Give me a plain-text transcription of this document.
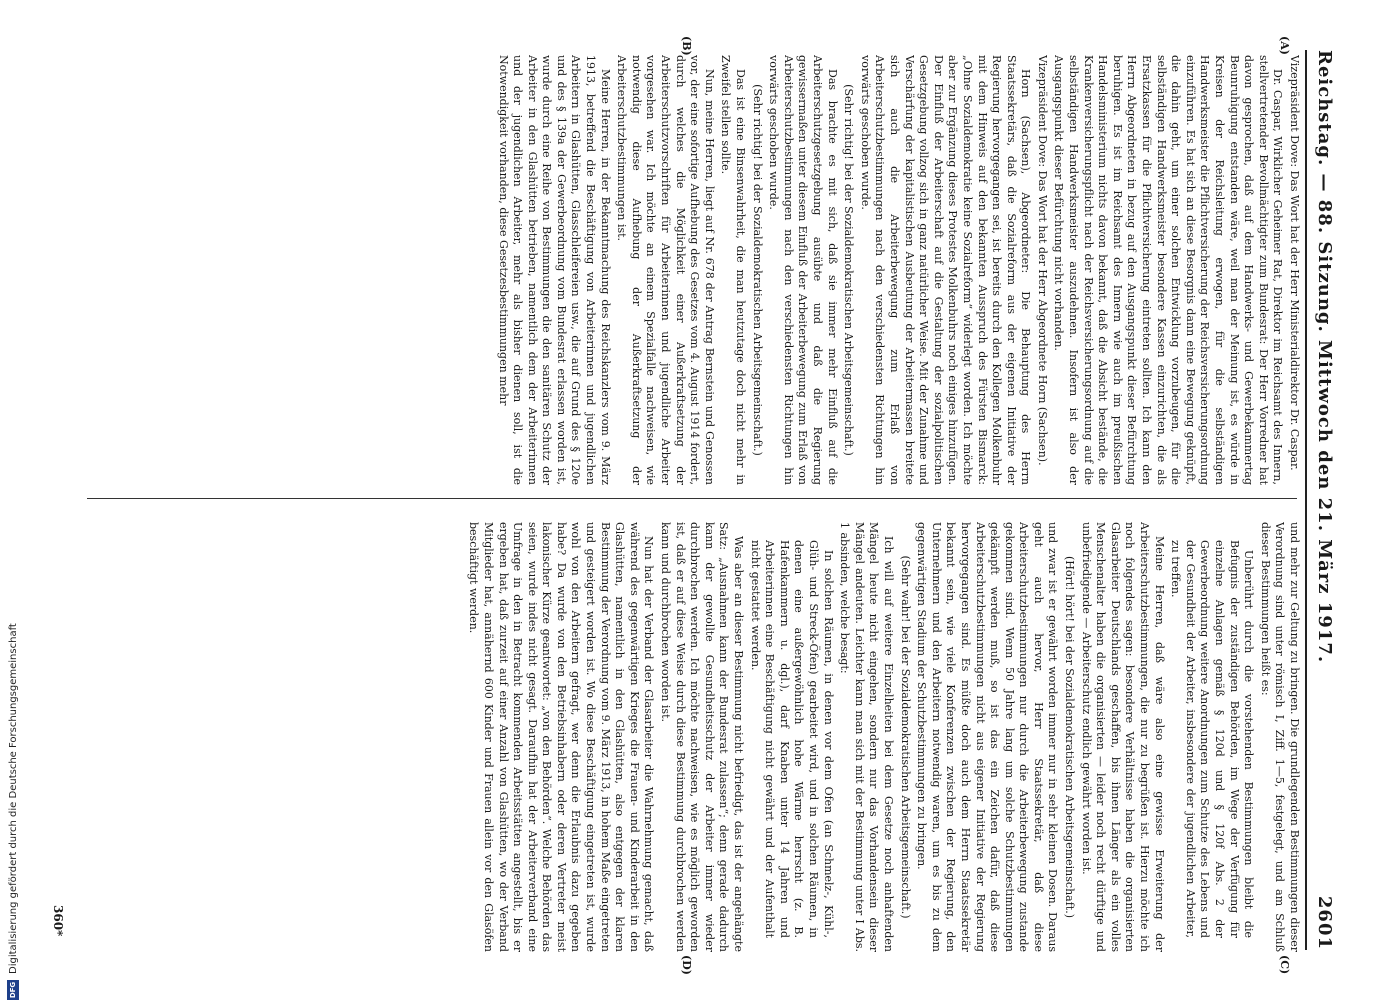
Reichstag. — 88. Sitzung. Mittwoch den 21. März 1917.
2601
(A)
(B)
(C)
(D)

Vizepräsident Dove: Das Wort hat der Herr Ministerialdirektor Dr. Caspar.

Dr. Caspar, Wirklicher Geheimer Rat, Direktor im Reichsamt des Innern, stellvertretender Bevollmächtigter zum Bundesrat: Der Herr Vorredner hat davon gesprochen, daß auf dem Handwerks- und Gewerbekammertag Beunruhigung entstanden wäre, weil man der Meinung ist, es würde in Kreisen der Reichsleitung erwogen, für die selbständigen Handwerksmeister die Pflichtversicherung der Reichsversicherungsordnung einzuführen. Es hat sich an diese Besorgnis dann eine Bewegung geknüpft, die dahin geht, um einer solchen Entwicklung vorzubeugen, für die selbständigen Handwerksmeister besondere Kassen einzurichten, die als Ersatzkassen für die Pflichtversicherung eintreten sollten. Ich kann den Herrn Abgeordneten in bezug auf den Ausgangspunkt dieser Befürchtung beruhigen. Es ist im Reichsamt des Innern wie auch im preußischen Handelsministerium nichts davon bekannt, daß die Absicht bestände, die Krankenversicherungspflicht nach der Reichsversicherungsordnung auf die selbständigen Handwerksmeister auszudehnen. Insofern ist also der Ausgangspunkt dieser Befürchtung nicht vorhanden.

Vizepräsident Dove: Das Wort hat der Herr Abgeordnete Horn (Sachsen).

Horn (Sachsen), Abgeordneter: Die Behauptung des Herrn Staatssekretärs, daß die Sozialreform aus der eigenen Initiative der Regierung hervorgegangen sei, ist bereits durch den Kollegen Molkenbuhr mit dem Hinweis auf den bekannten Ausspruch des Fürsten Bismarck: „Ohne Sozialdemokratie keine Sozialreform“ widerlegt worden. Ich möchte aber zur Ergänzung dieses Protestes Molkenbuhrs noch einiges hinzufügen. Der Einfluß der Arbeiterschaft auf die Gestaltung der sozialpolitischen Gesetzgebung vollzog sich in ganz natürlicher Weise. Mit der Zunahme und Verschärfung der kapitalistischen Ausbeutung der Arbeitermassen breitete sich auch die Arbeiterbewegung zum Erlaß von Arbeiterschutzbestimmungen nach den verschiedensten Richtungen hin vorwärts geschoben wurde.

(Sehr richtig! bei der Sozialdemokratischen Arbeitsgemeinschaft.)

Das brachte es mit sich, daß sie immer mehr Einfluß auf die Arbeiterschutzgesetzgebung ausübte und daß die Regierung gewissermaßen unter diesem Einfluß der Arbeiterbewegung zum Erlaß von Arbeiterschutzbestimmungen nach den verschiedensten Richtungen hin vorwärts geschoben wurde.

(Sehr richtig! bei der Sozialdemokratischen Arbeitsgemeinschaft.)

Das ist eine Binsenwahrheit, die man heutzutage doch nicht mehr in Zweifel stellen sollte.

Nun, meine Herren, liegt auf Nr. 678 der Antrag Bernstein und Genossen vor, der eine sofortige Aufhebung des Gesetzes vom 4. August 1914 fordert, durch welches die Möglichkeit einer Außerkraftsetzung der Arbeiterschutzvorschriften für Arbeiterinnen und jugendliche Arbeiter vorgesehen war. Ich möchte an einem Spezialfalle nachweisen, wie notwendig diese Aufhebung der Außerkraftsetzung der Arbeiterschutzbestimmungen ist.

Meine Herren, in der Bekanntmachung des Reichskanzlers vom 9. März 1913, betreffend die Beschäftigung von Arbeiterinnen und jugendlichen Arbeitern in Glashütten, Glasschleifereien usw., die auf Grund des § 120e und des § 139a der Gewerbeordnung vom Bundesrat erlassen worden ist, wurde durch eine Reihe von Bestimmungen die den sanitären Schutz der Arbeiter in den Glashütten betrieben, namentlich dem der Arbeiterinnen und der jugendlichen Arbeiter, mehr als bisher dienen soll, ist die Notwendigkeit vorhanden, diese Gesetzesbestimmungen mehr

und mehr zur Geltung zu bringen. Die grundlegenden Bestimmungen dieser Verordnung sind unter römisch I, Ziff. 1—5, festgelegt, und am Schluß dieser Bestimmungen heißt es:

Unberührt durch die vorstehenden Bestimmungen bleibt die Befugnis der zuständigen Behörden, im Wege der Verfügung für einzelne Anlagen gemäß § 120d und § 120f Abs. 2 der Gewerbeordnung weitere Anordnungen zum Schutze des Lebens und der Gesundheit der Arbeiter, insbesondere der jugendlichen Arbeiter, zu treffen.

Meine Herren, daß wäre also eine gewisse Erweiterung der Arbeiterschutzbestimmungen, die nur zu begrüßen ist. Hierzu möchte ich noch folgendes sagen: besondere Verhältnisse haben die organisierten Glasarbeiter Deutschlands geschaffen, bis ihnen Länger als ein volles Menschenalter haben die organisierten — leider noch recht dürftige und unbefriedigende — Arbeiterschutz endlich gewährt worden ist.

(Hört! hört! bei der Sozialdemokratischen Arbeitsgemeinschaft.)

und zwar ist er gewährt worden immer nur in sehr kleinen Dosen. Daraus geht auch hervor, Herr Staatssekretär, daß diese Arbeiterschutzbestimmungen nur durch die Arbeiterbewegung zustande gekommen sind. Wenn 50 Jahre lang um solche Schutzbestimmungen gekämpft werden muß, so ist das ein Zeichen dafür, daß diese Arbeiterschutzbestimmungen nicht aus eigener Initiative der Regierung hervorgegangen sind. Es müßte doch auch dem Herrn Staatssekretär bekannt sein, wie viele Konferenzen zwischen der Regierung, den Unternehmern und den Arbeitern notwendig waren, um es bis zu dem gegenwärtigen Stadium der Schutzbestimmungen zu bringen.

(Sehr wahr! bei der Sozialdemokratischen Arbeitsgemeinschaft.)

Ich will auf weitere Einzelheiten bei dem Gesetze noch anhaftenden Mängel heute nicht eingehen, sondern nur das Vorhandensein dieser Mängel andeuten. Leichter kann man sich mit der Bestimmung unter I Abs. 1 absinden, welche besagt:

In solchen Räumen, in denen vor dem Ofen (an Schmelz-, Kühl-, Glüh- und Streck-Öfen) gearbeitet wird, und in solchen Räumen, in denen eine außergewöhnlich hohe Wärme herrscht (z. B. Hafenkammern u. dgl.), darf Knaben unter 14 Jahren und Arbeiterinnen eine Beschäftigung nicht gewährt und der Aufenthalt nicht gestattet werden.

Was aber an dieser Bestimmung nicht befriedigt, das ist der angehängte Satz: „Ausnahmen kann der Bundesrat zulassen“; denn gerade dadurch kann der gewollte Gesundheitsschutz der Arbeiter immer wieder durchbrochen werden. Ich möchte nachweisen, wie es möglich geworden ist, daß er auf diese Weise durch diese Bestimmung durchbrochen werden kann und durchbrochen worden ist.

Nun hat der Verband der Glasarbeiter die Wahrnehmung gemacht, daß während des gegenwärtigen Krieges die Frauen- und Kinderarbeit in den Glashütten, namentlich in den Glashütten, also entgegen der klaren Bestimmung der Verordnung vom 9. März 1913, in hohem Maße eingetreten und gesteigert worden ist. Wo diese Beschäftigung eingetreten ist, wurde wohl von den Arbeitern gefragt, wer denn die Erlaubnis dazu gegeben habe? Da wurde von den Betriebsinhabern oder deren Vertreter meist lakonischer Kürze geantwortet: „von den Behörden“. Welche Behörden das seien, wurde indes nicht gesagt. Daraufhin hat der Arbeiterverband eine Umfrage in den in Betracht kommenden Arbeitsstätten angestellt, bis er ergeben hat, daß zurzeit auf einer Anzahl von Glashütten, wo der Verband Mitglieder hat, annähernd 600 Kinder und Frauen allein vor den Glasöfen beschäftigt werden.

360*
DFG
Digitalisierung gefördert durch die Deutsche Forschungsgemeinschaft
